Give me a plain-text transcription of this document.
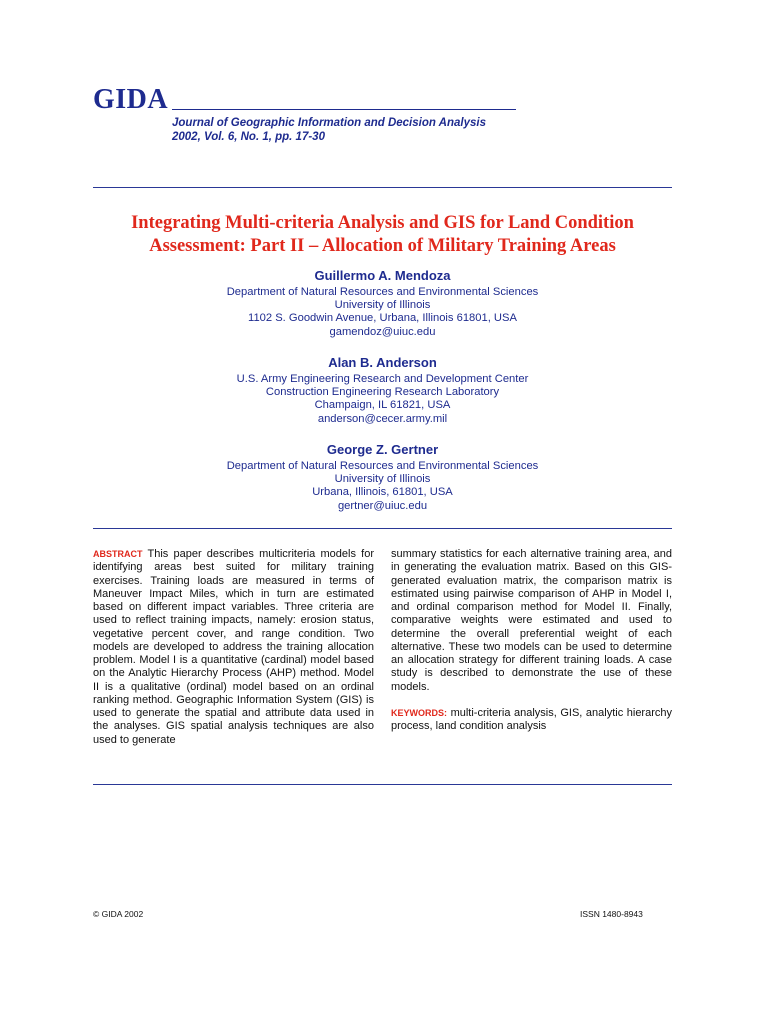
GIDA
Journal of Geographic Information and Decision Analysis
2002, Vol. 6, No. 1, pp. 17-30
Integrating Multi-criteria Analysis and GIS for Land Condition
Assessment: Part II – Allocation of Military Training Areas
Guillermo A. Mendoza
Department of Natural Resources and Environmental Sciences
University of Illinois
1102 S. Goodwin Avenue, Urbana, Illinois 61801, USA
gamendoz@uiuc.edu
Alan B. Anderson
U.S. Army Engineering Research and Development Center
Construction Engineering Research Laboratory
Champaign, IL 61821, USA
anderson@cecer.army.mil
George Z. Gertner
Department of Natural Resources and Environmental Sciences
University of Illinois
Urbana, Illinois, 61801, USA
gertner@uiuc.edu
ABSTRACT This paper describes multicriteria models for identifying areas best suited for military training exercises. Training loads are measured in terms of Maneuver Impact Miles, which in turn are estimated based on different impact variables. Three criteria are used to reflect training impacts, namely: erosion status, vegetative percent cover, and range condition. Two models are developed to address the training allocation problem. Model I is a quantitative (cardinal) model based on the Analytic Hierarchy Process (AHP) method. Model II is a qualitative (ordinal) model based on an ordinal ranking method. Geographic Information System (GIS) is used to generate the spatial and attribute data used in the analyses. GIS spatial analysis techniques are also used to generate
summary statistics for each alternative training area, and in generating the evaluation matrix. Based on this GIS-generated evaluation matrix, the comparison matrix is estimated using pairwise comparison of AHP in Model I, and ordinal comparison method for Model II. Finally, comparative weights were estimated and used to determine the overall preferential weight of each alternative. These two models can be used to determine an allocation strategy for different training loads. A case study is described to demonstrate the use of these models.
KEYWORDS: multi-criteria analysis, GIS, analytic hierarchy process, land condition analysis
© GIDA 2002	ISSN 1480-8943
